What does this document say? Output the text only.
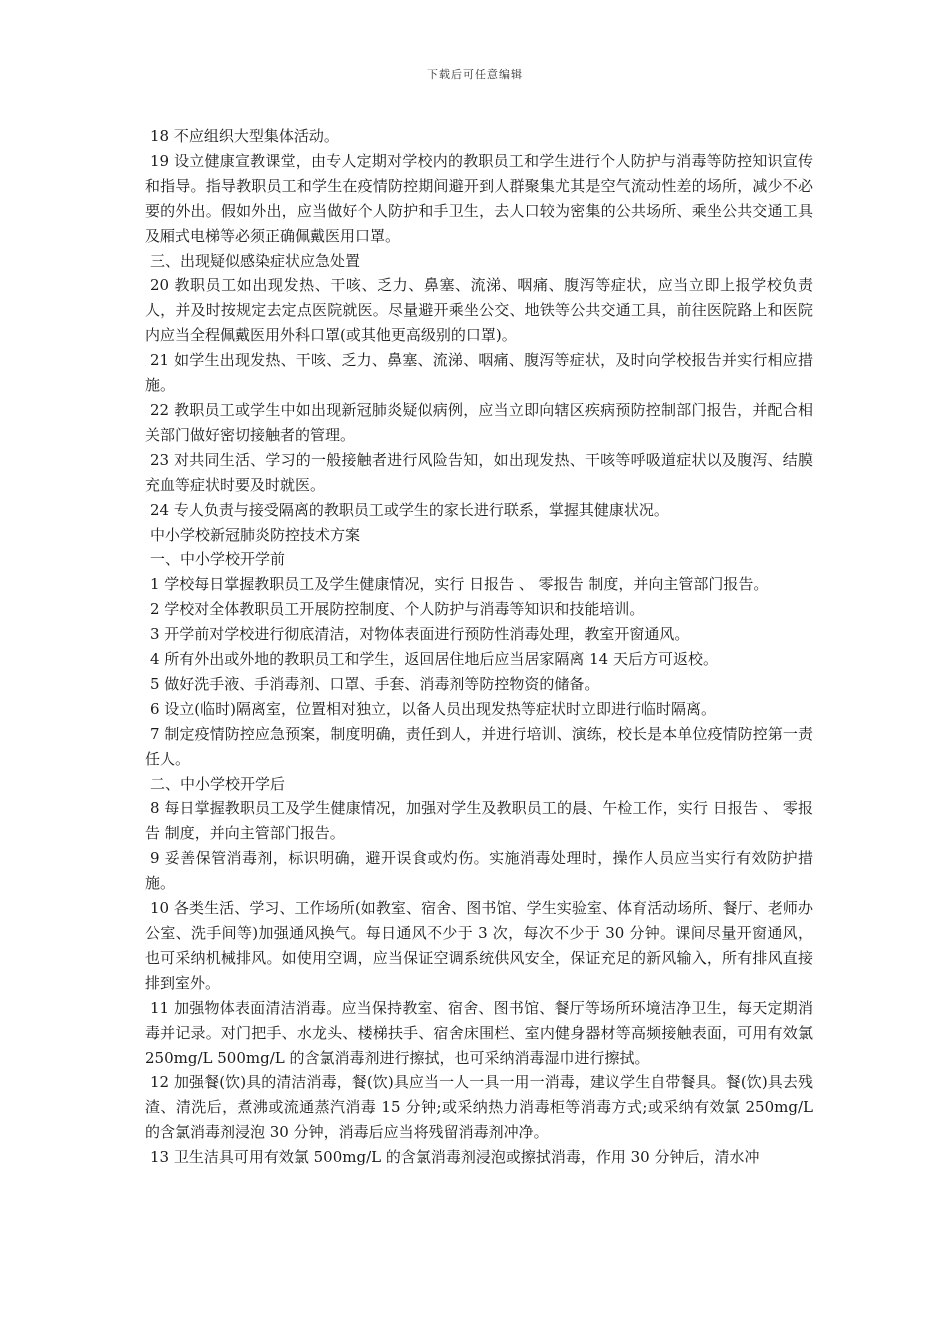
下载后可任意编辑

18 不应组织大型集体活动。

19 设立健康宣教课堂，由专人定期对学校内的教职员工和学生进行个人防护与消毒等防控知识宣传和指导。指导教职员工和学生在疫情防控期间避开到人群聚集尤其是空气流动性差的场所，减少不必要的外出。假如外出，应当做好个人防护和手卫生，去人口较为密集的公共场所、乘坐公共交通工具及厢式电梯等必须正确佩戴医用口罩。

三、出现疑似感染症状应急处置

20 教职员工如出现发热、干咳、乏力、鼻塞、流涕、咽痛、腹泻等症状，应当立即上报学校负责人，并及时按规定去定点医院就医。尽量避开乘坐公交、地铁等公共交通工具，前往医院路上和医院内应当全程佩戴医用外科口罩(或其他更高级别的口罩)。

21 如学生出现发热、干咳、乏力、鼻塞、流涕、咽痛、腹泻等症状，及时向学校报告并实行相应措施。

22 教职员工或学生中如出现新冠肺炎疑似病例，应当立即向辖区疾病预防控制部门报告，并配合相关部门做好密切接触者的管理。

23 对共同生活、学习的一般接触者进行风险告知，如出现发热、干咳等呼吸道症状以及腹泻、结膜充血等症状时要及时就医。

24 专人负责与接受隔离的教职员工或学生的家长进行联系，掌握其健康状况。

中小学校新冠肺炎防控技术方案

一、中小学校开学前

1 学校每日掌握教职员工及学生健康情况，实行 日报告 、 零报告 制度，并向主管部门报告。

2 学校对全体教职员工开展防控制度、个人防护与消毒等知识和技能培训。

3 开学前对学校进行彻底清洁，对物体表面进行预防性消毒处理，教室开窗通风。

4 所有外出或外地的教职员工和学生，返回居住地后应当居家隔离 14 天后方可返校。

5 做好洗手液、手消毒剂、口罩、手套、消毒剂等防控物资的储备。

6 设立(临时)隔离室，位置相对独立，以备人员出现发热等症状时立即进行临时隔离。

7 制定疫情防控应急预案，制度明确，责任到人，并进行培训、演练，校长是本单位疫情防控第一责任人。

二、中小学校开学后

8 每日掌握教职员工及学生健康情况，加强对学生及教职员工的晨、午检工作，实行 日报告 、 零报告 制度，并向主管部门报告。

9 妥善保管消毒剂，标识明确，避开误食或灼伤。实施消毒处理时，操作人员应当实行有效防护措施。

10 各类生活、学习、工作场所(如教室、宿舍、图书馆、学生实验室、体育活动场所、餐厅、老师办公室、洗手间等)加强通风换气。每日通风不少于 3 次，每次不少于 30 分钟。课间尽量开窗通风，也可采纳机械排风。如使用空调，应当保证空调系统供风安全，保证充足的新风输入，所有排风直接排到室外。

11 加强物体表面清洁消毒。应当保持教室、宿舍、图书馆、餐厅等场所环境洁净卫生，每天定期消毒并记录。对门把手、水龙头、楼梯扶手、宿舍床围栏、室内健身器材等高频接触表面，可用有效氯 250mg/L 500mg/L 的含氯消毒剂进行擦拭，也可采纳消毒湿巾进行擦拭。

12 加强餐(饮)具的清洁消毒，餐(饮)具应当一人一具一用一消毒，建议学生自带餐具。餐(饮)具去残渣、清洗后，煮沸或流通蒸汽消毒 15 分钟;或采纳热力消毒柜等消毒方式;或采纳有效氯 250mg/L 的含氯消毒剂浸泡 30 分钟，消毒后应当将残留消毒剂冲净。

13 卫生洁具可用有效氯 500mg/L 的含氯消毒剂浸泡或擦拭消毒，作用 30 分钟后，清水冲
